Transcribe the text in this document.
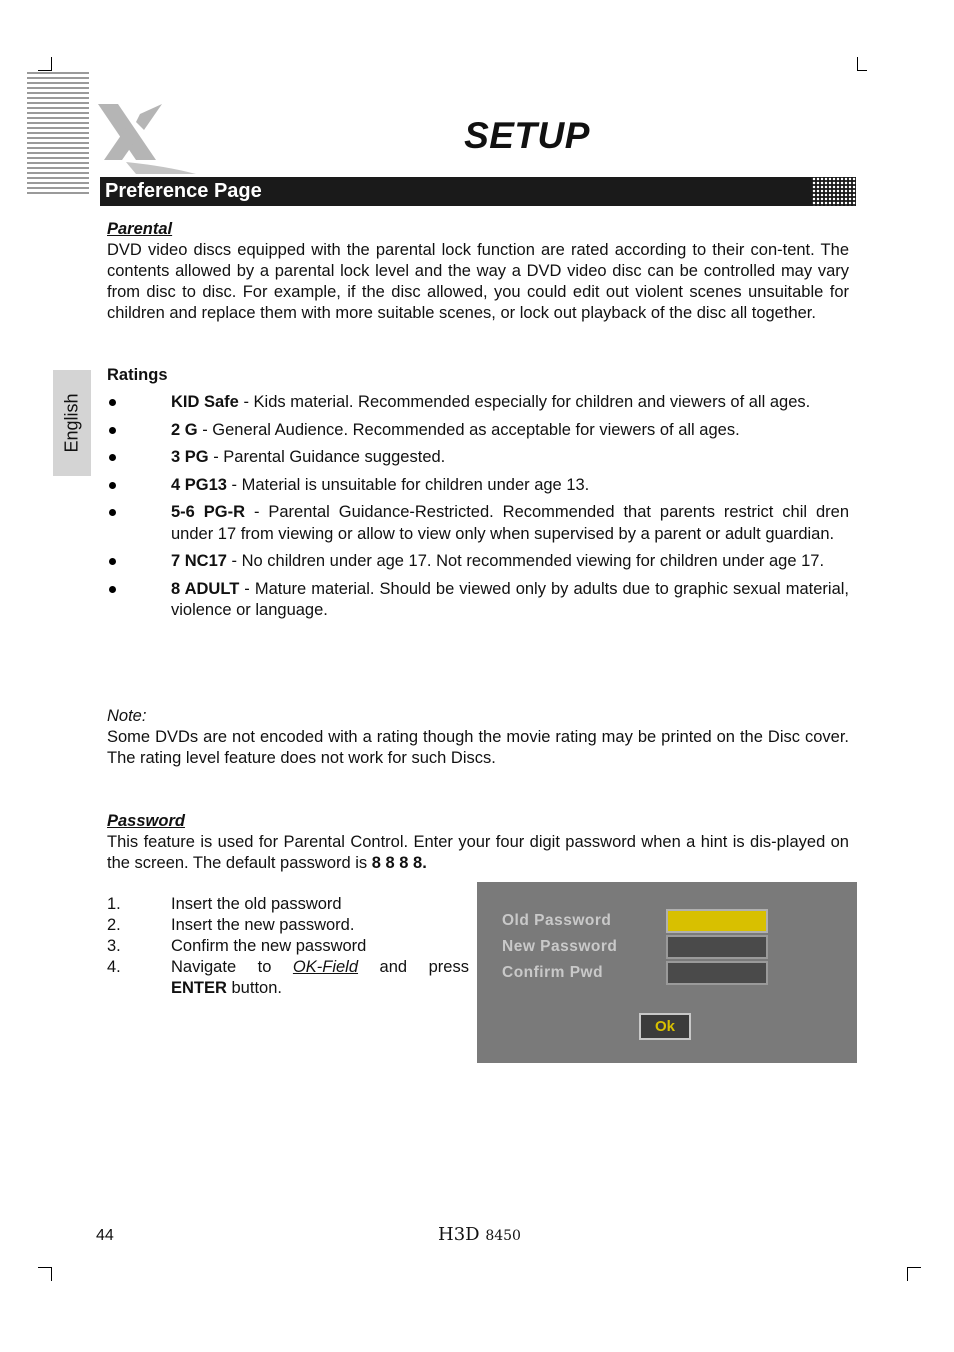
SETUP
Preference Page
English

Parental

DVD video discs equipped with the parental lock function are rated according to their con-tent. The contents allowed by a parental lock level and the way a DVD video disc can be controlled may vary from disc to disc. For example, if the disc allowed, you could edit out violent scenes unsuitable for children and replace them with more suitable scenes, or lock out playback of the disc all together.

Ratings

KID Safe - Kids material. Recommended especially for children and viewers of all ages.
2 G - General Audience. Recommended as acceptable for viewers of all ages.
3 PG - Parental Guidance suggested.
4 PG13 - Material is unsuitable for children under age 13.
5-6 PG-R - Parental Guidance-Restricted. Recommended that parents restrict chil dren under 17 from viewing or allow to view only when supervised by a parent or adult guardian.
7 NC17 - No children under age 17. Not recommended viewing for children under age 17.
8 ADULT - Mature material. Should be viewed only by adults due to graphic sexual material, violence or language.

Note:

Some DVDs are not encoded with a rating though the movie rating may be printed on the Disc cover. The rating level feature does not work for such Discs.

Password

This feature is used for Parental Control. Enter your four digit password when a hint is dis-played on the screen. The default password is 8 8 8 8.

1.	Insert the old password
2.	Insert the new password.
3.	Confirm the new password
4.	Navigate to OK-Field and press
ENTER button.
Old Password
New Password
Confirm Pwd
Ok
44	H3D 8450
